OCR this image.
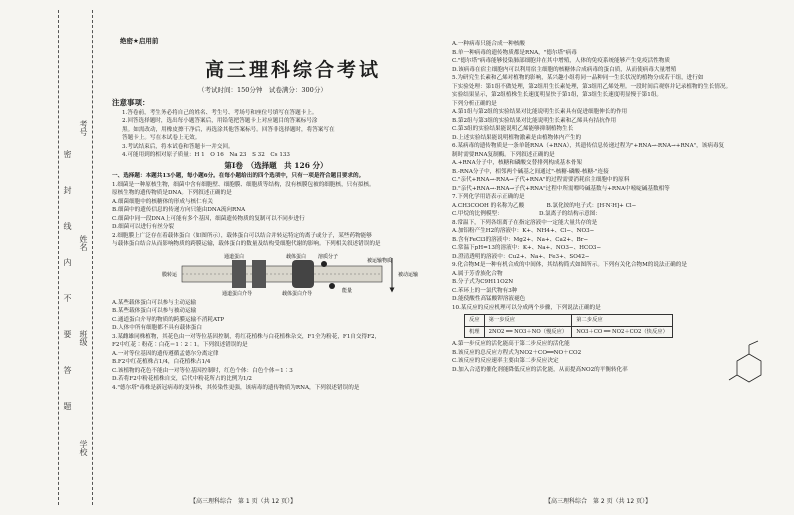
考号
姓名
班级
学校
密
封
线
内
不
要
答
题
绝密★启用前
高三理科综合考试
（考试时间：150分钟　试卷满分：300分）
注意事项：

1.答卷前，考生务必将自己的姓名、考生号、考场号和座位号填写在答题卡上。

2.回答选择题时，选出每小题答案后，用铅笔把答题卡上对应题目的答案标号涂

黑。如需改动，用橡皮擦干净后，再选涂其他答案标号。回答非选择题时，将答案写在

答题卡上。写在本试卷上无效。

3.考试结束后，将本试卷和答题卡一并交回。

4.可能用到的相对原子质量：H 1　O 16　Na 23　S 32　Cs 133

第Ⅰ卷　（选择题　共 126 分）

一、选择题：本题共13小题，每小题6分。在每小题给出的四个选项中，只有一项是符合题目要求的。

1.细菌是一种原核生物，细菌中含有细胞壁、细胞膜、细胞质等结构，没有核膜包被的细胞核，只有拟核。

原核生物的遗传物质是DNA。下列叙述正确的是

A.细菌细胞中的核糖体的形成与核仁有关

B.细菌中的遗传信息的传递方向只能由DNA流向RNA

C.细菌中同一段DNA上可能有多个基因，细菌遗传物质的复制可以不同步进行

D.细菌可以进行有丝分裂

2.细胞膜上广泛存在着载体蛋白（如图所示），载体蛋白可以结合并转运特定的离子或分子，某些药物能够

与载体蛋白结合从而影响物质的跨膜运输，载体蛋白的数量及结构受细胞代谢的影响。下列相关叙述错误的是

膜转运
通道蛋白	载体蛋白 溶质分子
载体蛋白介导
通道蛋白介导
被运输物质
被动运输
能量

A.某些载体蛋白可以参与主动运输

B.某些载体蛋白可以参与被动运输

C.通道蛋白介导的物质的跨膜运输不消耗ATP

D.人体中所有细胞都不具有载体蛋白

3.某雌雄同株植物，其花色由一对等位基因控制，将红花植株与白花植株杂交，F1全为粉花，F1自交得F2，

F2中红花∶粉花∶白花＝1∶2∶1。下列叙述错误的是

A.一对等位基因的遗传遵循孟德尔分离定律

B.F2中红花植株占1/4，白花植株占1/4

C.该植物的花色不能由一对等位基因控制时，红色个体：白色个体＝1∶3

D.若将F2中粉花植株自交，后代中粉花所占的比例为1/2

4."德尔塔"毒株是新冠病毒的变异株，其传染性更强，该病毒的遗传物质为RNA，下列叙述错误的是

A.一种病毒只能合成一种核酸

B.单一种病毒的遗传物质都是RNA，"德尔塔"病毒

C."德尔塔"病毒能够侵染肺部细胞并在其中增殖，人体的免疫系统能够产生免疫活性物质

D.该病毒在宿主细胞内可以利用宿主细胞的核糖体合成病毒的蛋白质，从而使病毒大量增殖

5.为研究生长素和乙烯对植物的影响，某兴趣小组将同一品种同一生长状况的植物分成若干组，进行如

下实验处理：第1组不做处理，第2组用生长素处理，第3组用乙烯处理。一段时间后观察并记录植物的生长情况。

实验结果显示，第2组植株生长速度明显快于第1组，第3组生长速度明显慢于第1组。

下列分析正确的是

A.第1组与第2组的实验结果对比能说明生长素具有促进细胞伸长的作用

B.第2组与第3组的实验结果对比能说明生长素和乙烯具有拮抗作用

C.第3组的实验结果能说明乙烯能够抑制植物生长

D.上述实验结果能说明植物激素是由植物体内产生的

6.某病毒的遗传物质是一条单链RNA（+RNA），其遗传信息传递过程为"+RNA→-RNA→+RNA"，该病毒复

制时需要RNA复制酶。下列叙述正确的是

A.+RNA分子中，核糖和磷酸交替排列构成基本骨架

B.-RNA分子中，相邻两个碱基之间通过"-核糖-磷酸-核糖-"连接

C."亲代+RNA→-RNA→子代+RNA"的过程需要消耗宿主细胞中的原料

D."亲代+RNA→-RNA→子代+RNA"过程中所需嘌呤碱基数与+RNA中嘧啶碱基数相等

7.下列化学用语表示正确的是

A.CH3COOH 的名称为乙酸　　　　B.氯化铵的电子式：[H∶N∶H]+ Cl−

C.甲烷的比例模型：　　　　　　　D.氯离子的结构示意图：

8.常温下，下列各组离子在指定溶液中一定能大量共存的是

A.加铝粉产生H2的溶液中：K+、NH4+、Cl−、NO3−

B.含有FeCl3的溶液中：Mg2+、Na+、Ca2+、Br−

C.常温下pH=13的溶液中：K+、Na+、NO3−、HCO3−

D.澄清透明的溶液中：Cu2+、Na+、Fe3+、SO42−

9.化合物M是一种有机合成的中间体，其结构简式如图所示。下列有关化合物M的说法正确的是

A.属于芳香族化合物

B.分子式为C9H11O2N

C.苯环上的一氯代物有3种

D.能使酸性高锰酸钾溶液褪色

10.某反应的反应机理可以分成两个步骤，下列说法正确的是

反应	第一步反应	第二步反应
机理	2NO2 ══ NO3＋NO（慢反应）	NO3＋CO ══ NO2＋CO2（快反应）

A.第一步反应的活化能高于第二步反应的活化能

B.该反应的总反应方程式为NO2＋CO══NO＋CO2

C.该反应的反应速率主要由第二步反应决定

D.加入合适的催化剂能降低反应的活化能，从而提高NO2的平衡转化率

【高三理科综合　第 1 页（共 12 页）】	【高三理科综合　第 2 页（共 12 页）】
